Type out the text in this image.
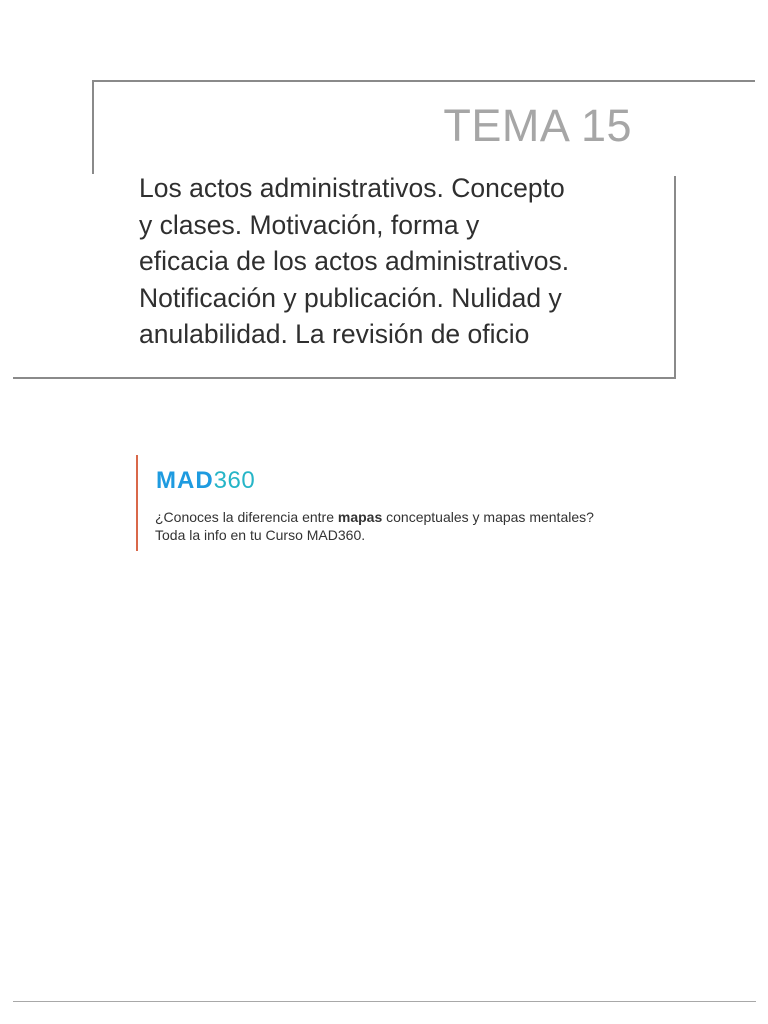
TEMA 15
Los actos administrativos. Concepto
y clases. Motivación, forma y
eficacia de los actos administrativos.
Notificación y publicación. Nulidad y
anulabilidad. La revisión de oficio
MAD360
¿Conoces la diferencia entre mapas conceptuales y mapas mentales?
Toda la info en tu Curso MAD360.
